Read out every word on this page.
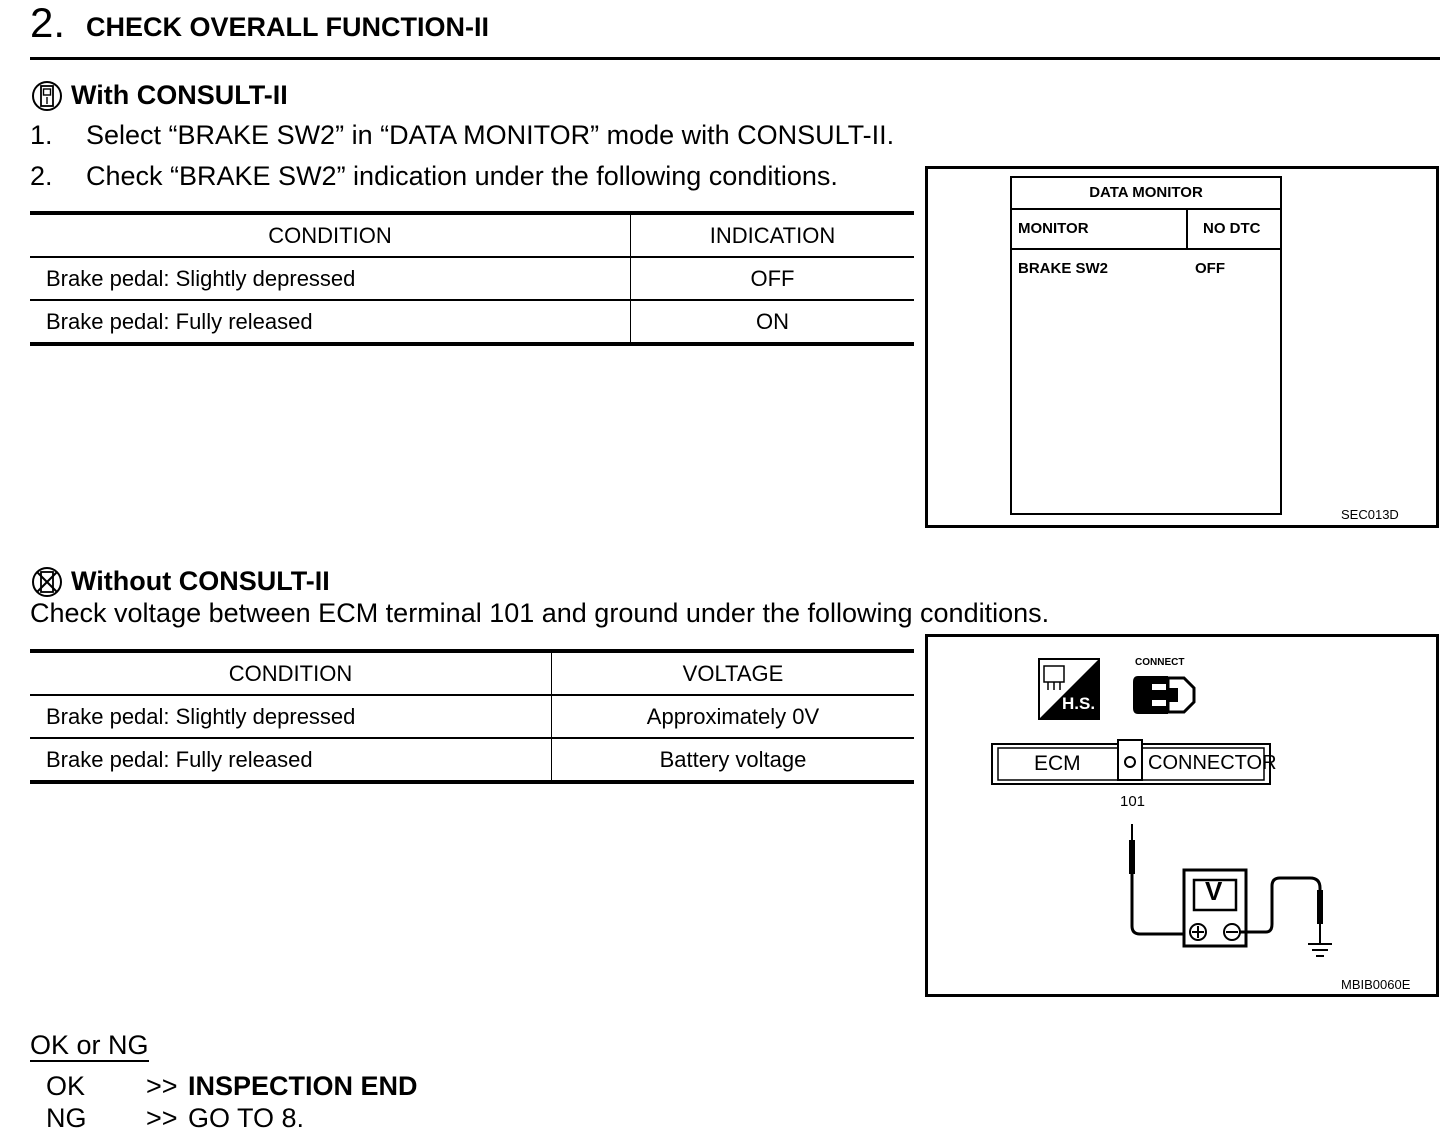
2. CHECK OVERALL FUNCTION-II
With CONSULT-II
1. Select “BRAKE SW2” in “DATA MONITOR” mode with CONSULT-II.
2. Check “BRAKE SW2” indication under the following conditions.
CONDITION	INDICATION
Brake pedal: Slightly depressed	OFF
Brake pedal: Fully released	ON
DATA MONITOR
MONITOR	NO DTC
BRAKE SW2	OFF
SEC013D
Without CONSULT-II
Check voltage between ECM terminal 101 and ground under the following conditions.
CONDITION	VOLTAGE
Brake pedal: Slightly depressed	Approximately 0V
Brake pedal: Fully released	Battery voltage
H.S.
CONNECT
ECM	CONNECTOR
101
V
MBIB0060E
OK or NG
OK >> INSPECTION END
NG >> GO TO 8.
